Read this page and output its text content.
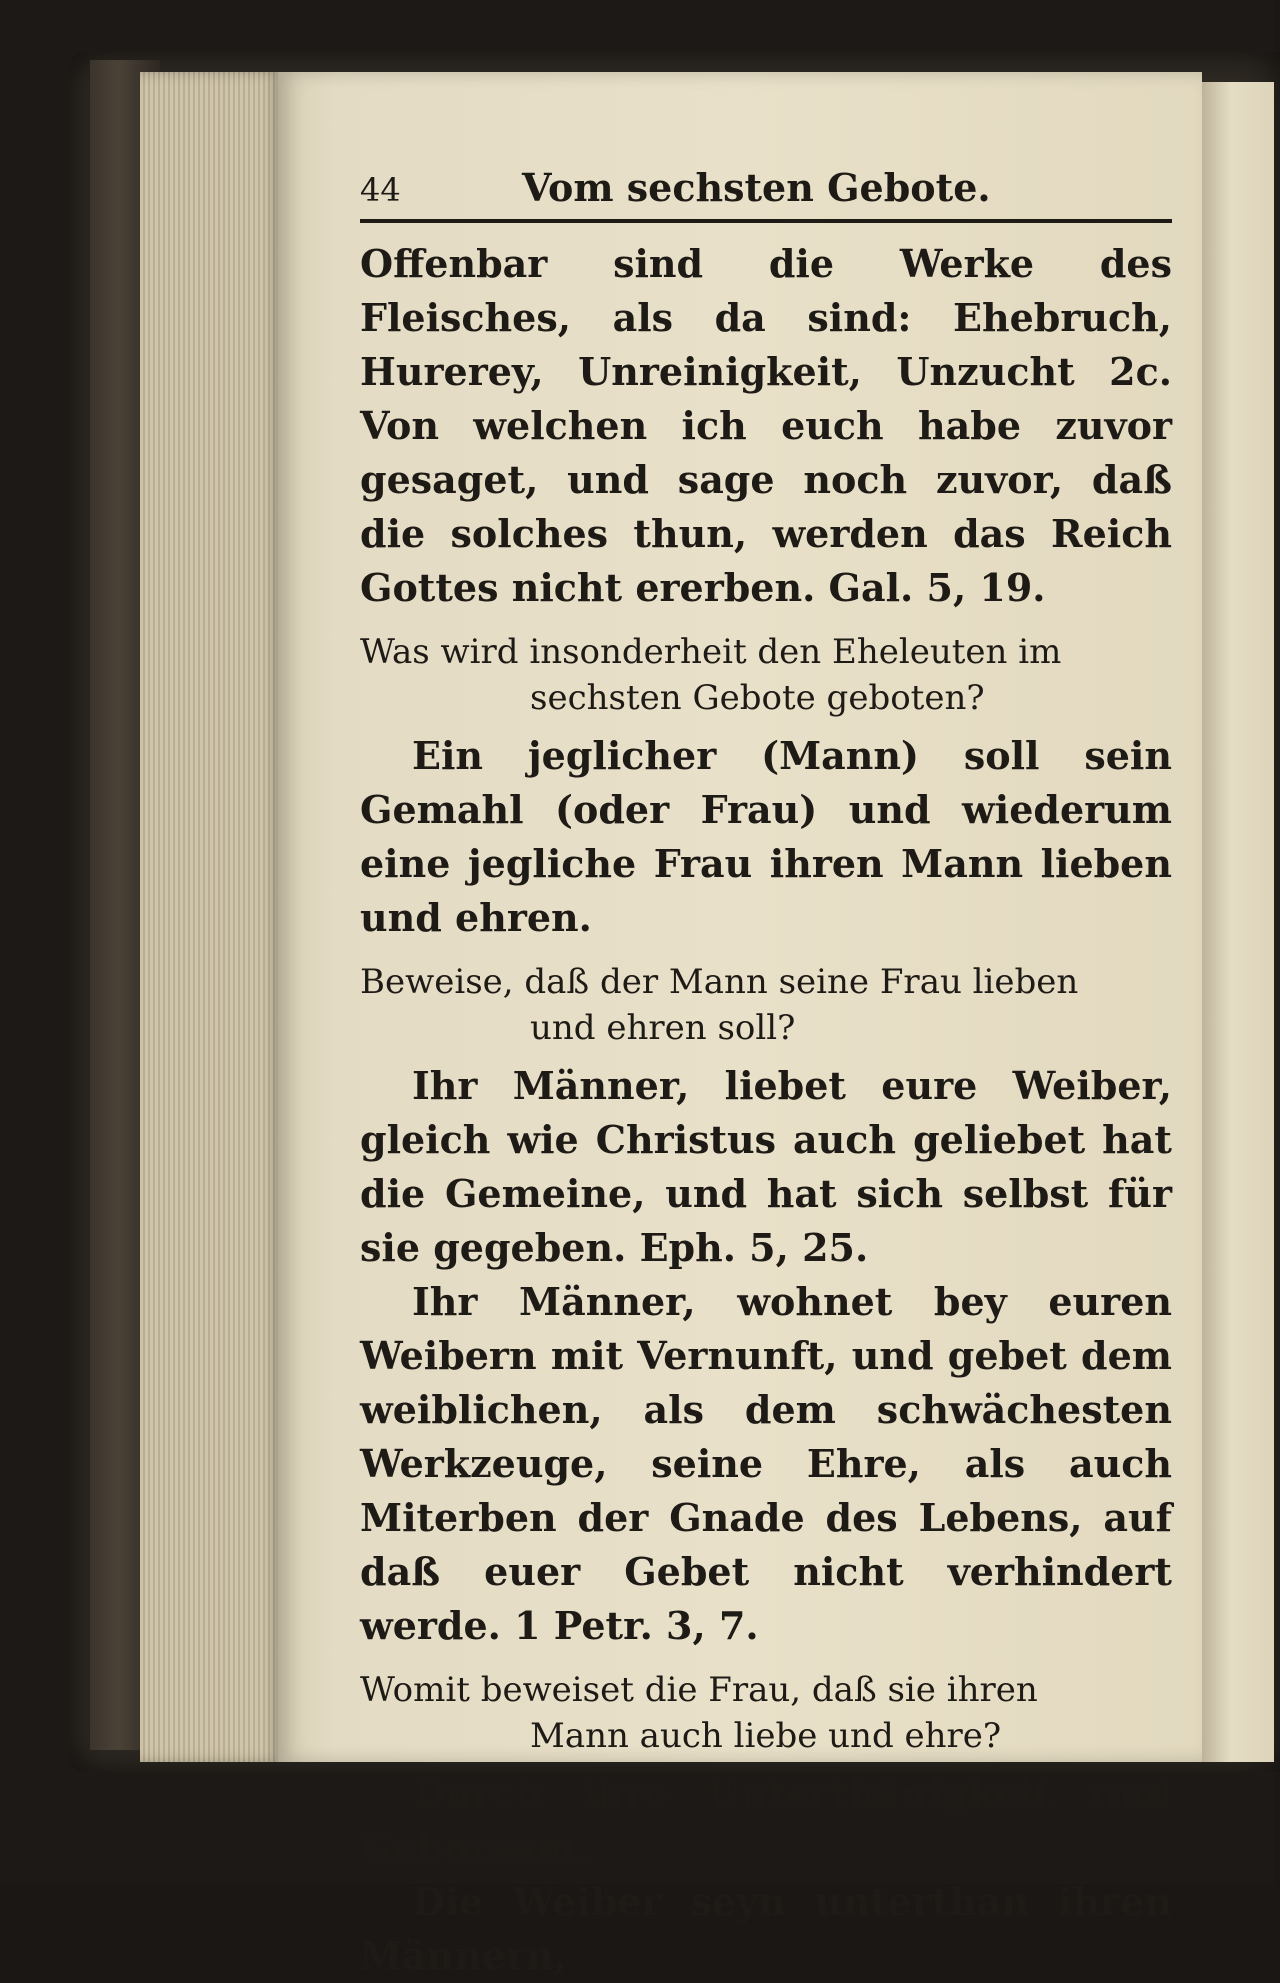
44	Vom sechsten Gebote.

Offenbar sind die Werke des Fleisches, als da sind: Ehebruch, Hurerey, Unreinigkeit, Unzucht 2c. Von welchen ich euch habe zuvor gesaget, und sage noch zuvor, daß die solches thun, werden das Reich Gottes nicht ererben. Gal. 5, 19.

Was wird insonderheit den Eheleuten im
sechsten Gebote geboten?

Ein jeglicher (Mann) soll sein Gemahl (oder Frau) und wiederum eine jegliche Frau ihren Mann lieben und ehren.

Beweise, daß der Mann seine Frau lieben
und ehren soll?

Ihr Männer, liebet eure Weiber, gleich wie Christus auch geliebet hat die Gemeine, und hat sich selbst für sie gegeben. Eph. 5, 25.

Ihr Männer, wohnet bey euren Weibern mit Vernunft, und gebet dem weiblichen, als dem schwächesten Werkzeuge, seine Ehre, als auch Miterben der Gnade des Lebens, auf daß euer Gebet nicht verhindert werde. 1 Petr. 3, 7.

Womit beweiset die Frau, daß sie ihren
Mann auch liebe und ehre?

Durch ihre Unterthänigkeit und Gehorsam.

Die Weiber seyn unterthan ihren Männern,
